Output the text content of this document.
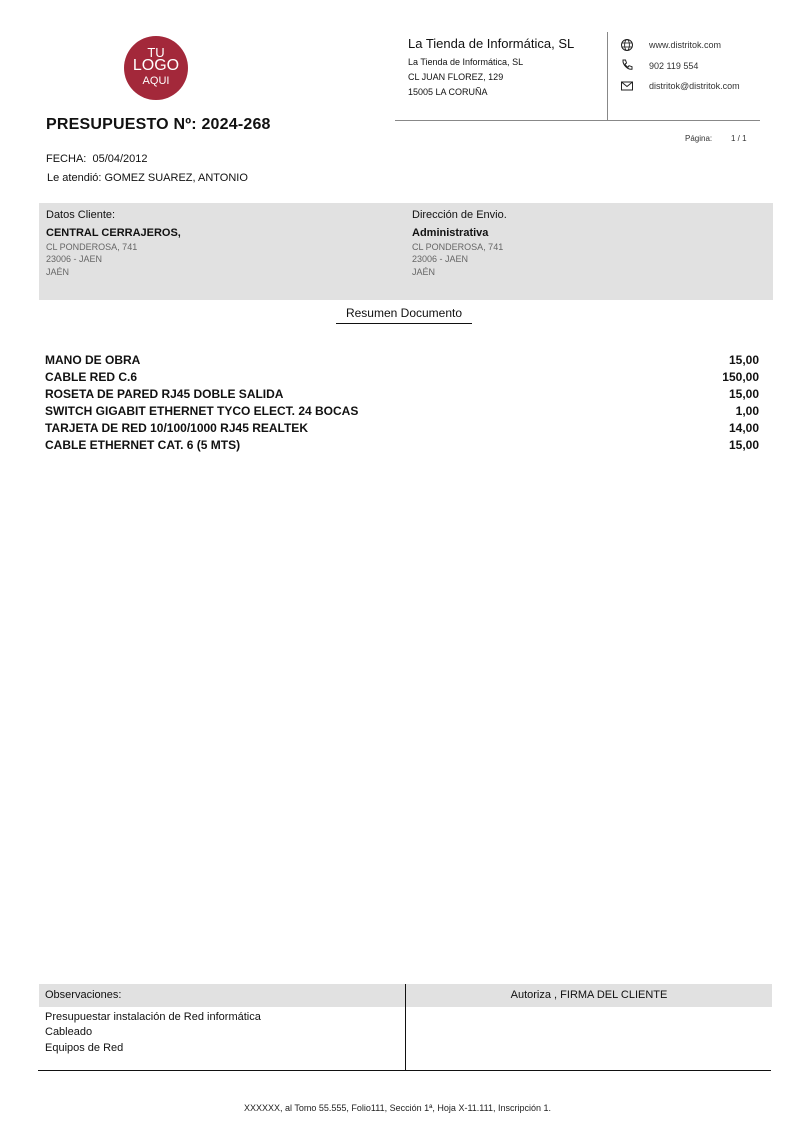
TU
LOGO
AQUI
PRESUPUESTO Nº: 2024-268
FECHA: 05/04/2012
Le atendió: GOMEZ SUAREZ, ANTONIO
La Tienda de Informática, SL
La Tienda de Informática, SL
CL JUAN FLOREZ, 129
15005 LA CORUÑA
www.distritok.com
902 119 554
distritok@distritok.com
Página: 1 / 1
Datos Cliente:
CENTRAL CERRAJEROS,
CL PONDEROSA, 741
23006 - JAEN
JAÉN
Dirección de Envio.
Administrativa
CL PONDEROSA, 741
23006 - JAEN
JAÉN
Resumen Documento
MANO DE OBRA	15,00
CABLE RED C.6	150,00
ROSETA DE PARED RJ45 DOBLE SALIDA	15,00
SWITCH GIGABIT ETHERNET TYCO ELECT. 24 BOCAS	1,00
TARJETA DE RED 10/100/1000 RJ45 REALTEK	14,00
CABLE ETHERNET CAT. 6 (5 MTS)	15,00
Observaciones:	Autoriza , FIRMA DEL CLIENTE
Presupuestar instalación de Red informática
Cableado
Equipos de Red
XXXXXX, al Tomo 55.555, Folio111, Sección 1ª, Hoja X-11.111, Inscripción 1.
